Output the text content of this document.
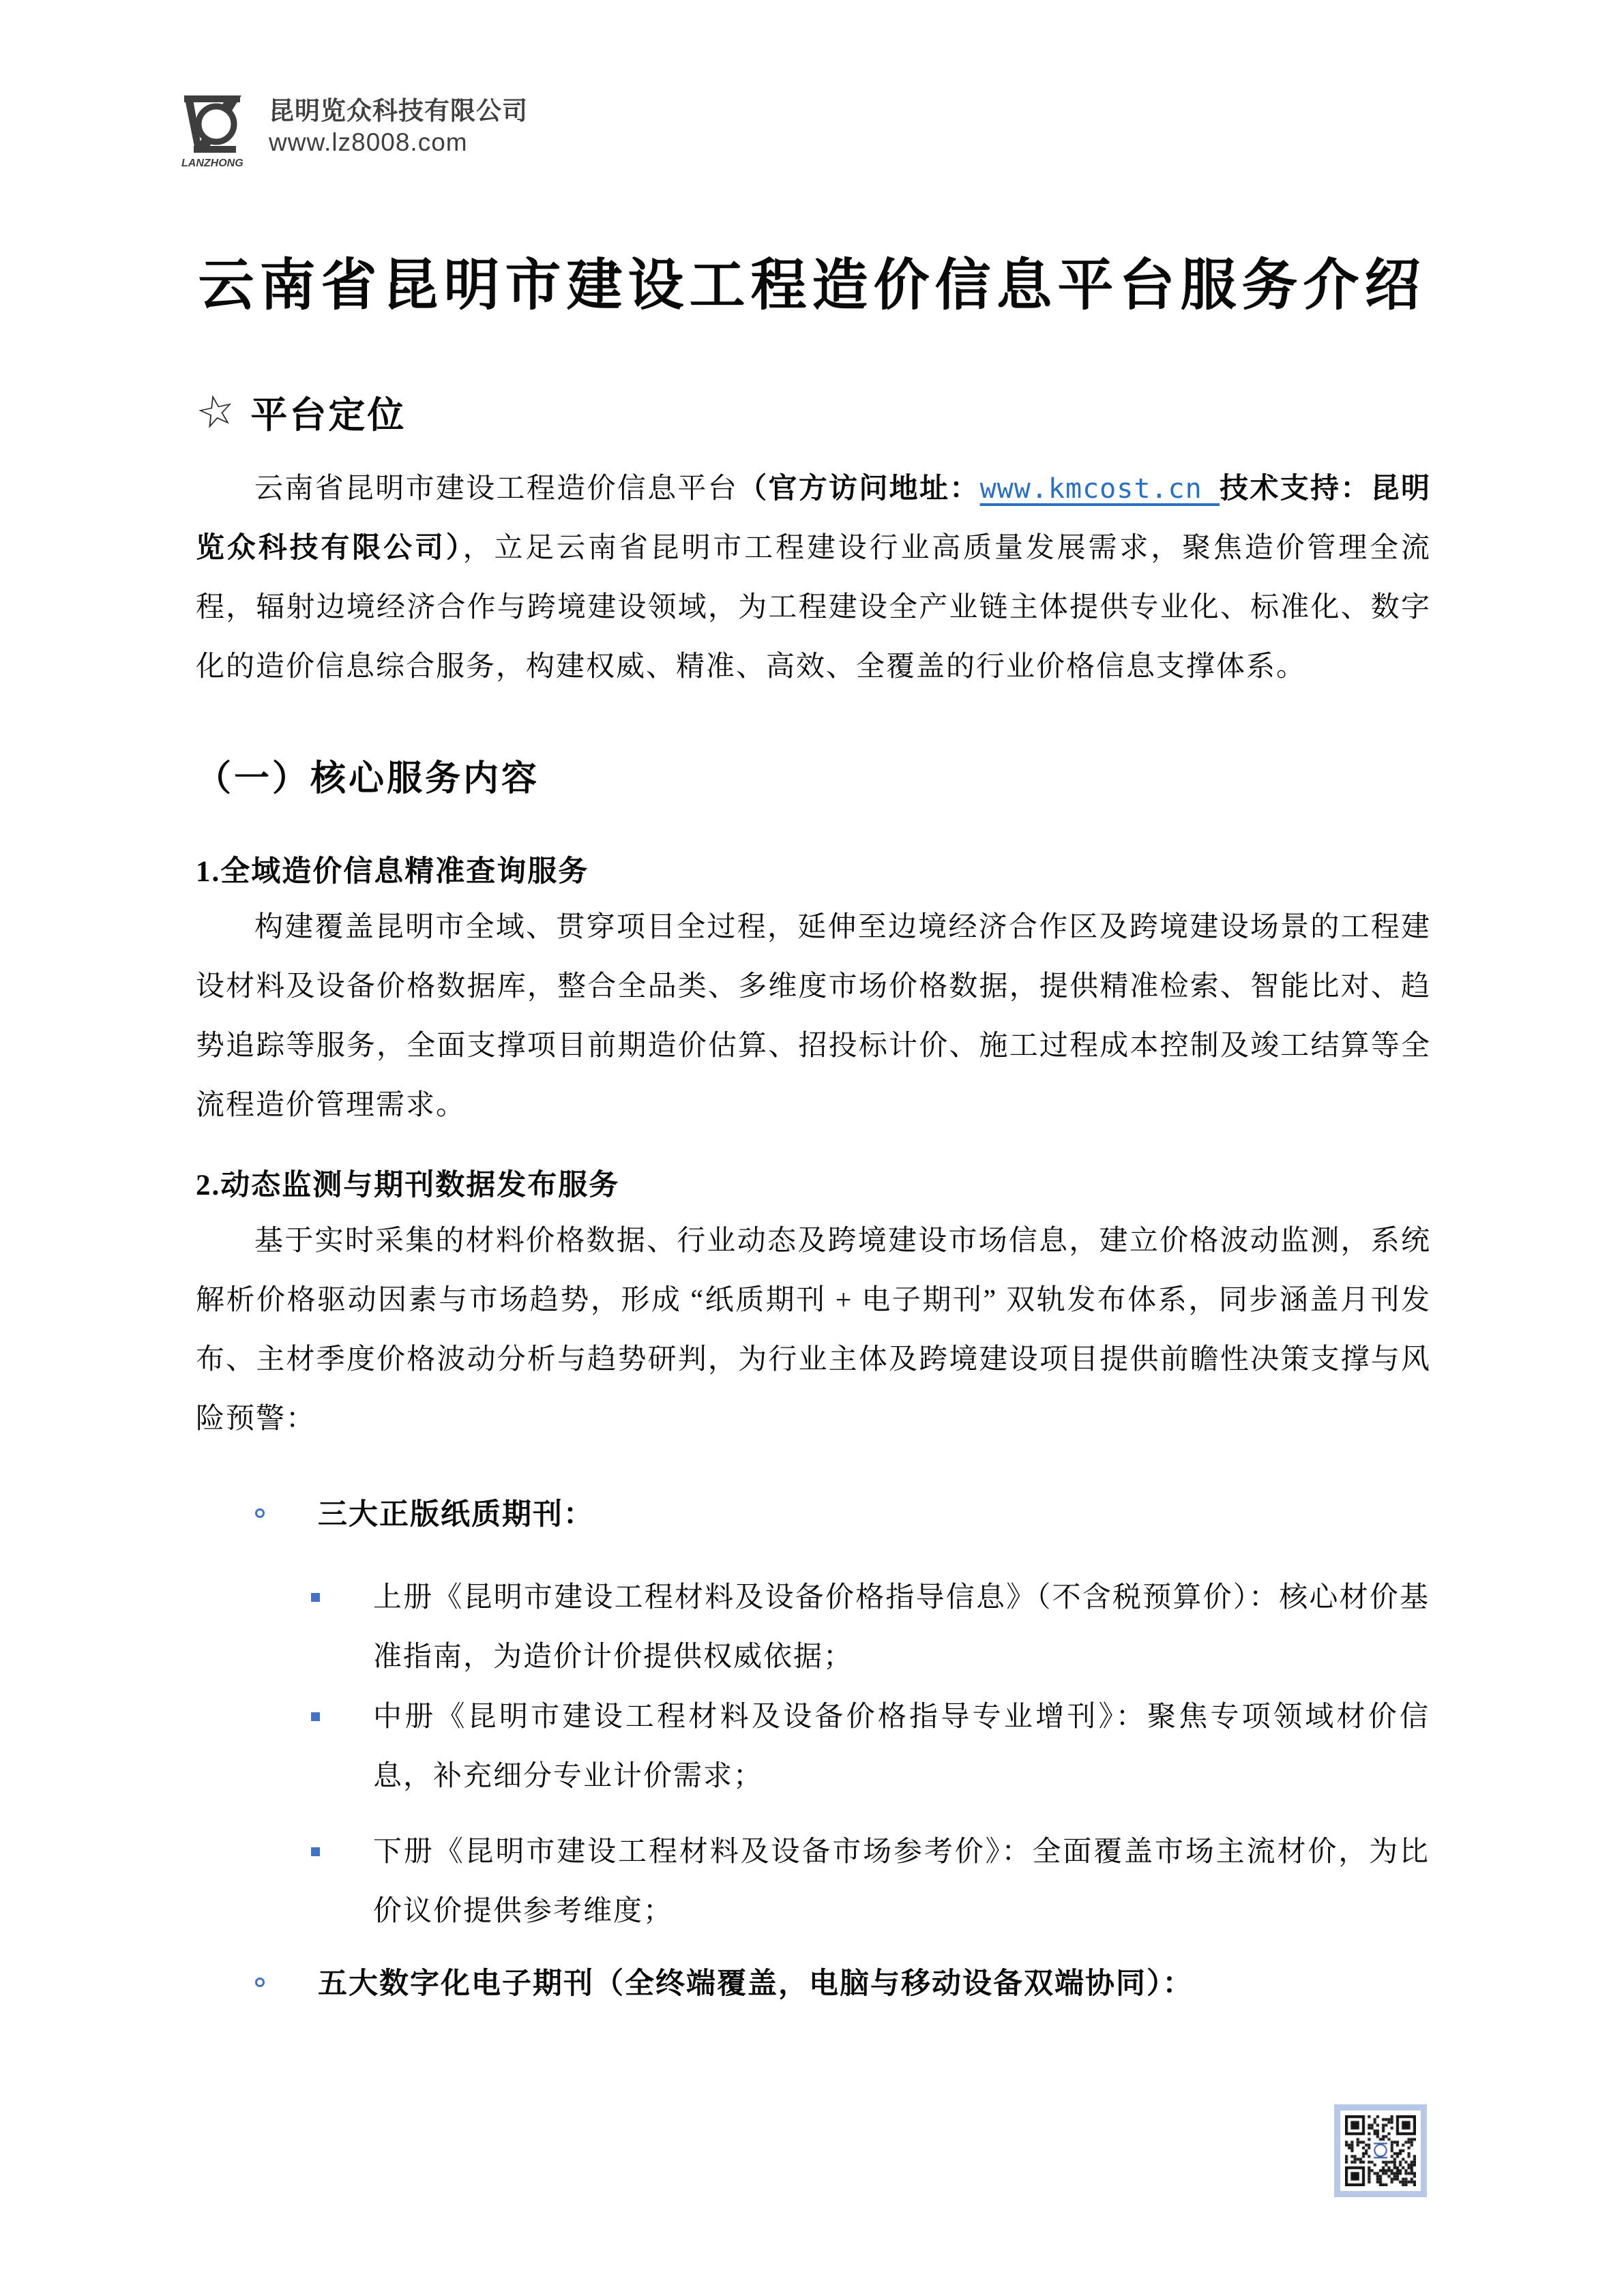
LANZHONG
昆明览众科技有限公司
www.lz8008.com
云南省昆明市建设工程造价信息平台服务介绍
☆ 平台定位

云南省昆明市建设工程造价信息平台（官方访问地址：www.kmcost.cn 技术支持：昆明览众科技有限公司），立足云南省昆明市工程建设行业高质量发展需求，聚焦造价管理全流程，辐射边境经济合作与跨境建设领域，为工程建设全产业链主体提供专业化、标准化、数字化的造价信息综合服务，构建权威、精准、高效、全覆盖的行业价格信息支撑体系。

（一）核心服务内容
1.全域造价信息精准查询服务

构建覆盖昆明市全域、贯穿项目全过程，延伸至边境经济合作区及跨境建设场景的工程建设材料及设备价格数据库，整合全品类、多维度市场价格数据，提供精准检索、智能比对、趋势追踪等服务，全面支撑项目前期造价估算、招投标计价、施工过程成本控制及竣工结算等全流程造价管理需求。

2.动态监测与期刊数据发布服务

基于实时采集的材料价格数据、行业动态及跨境建设市场信息，建立价格波动监测，系统解析价格驱动因素与市场趋势，形成 “纸质期刊 + 电子期刊” 双轨发布体系，同步涵盖月刊发布、主材季度价格波动分析与趋势研判，为行业主体及跨境建设项目提供前瞻性决策支撑与风险预警：

三大正版纸质期刊：
上册《昆明市建设工程材料及设备价格指导信息》（不含税预算价）：核心材价基准指南，为造价计价提供权威依据；
中册《昆明市建设工程材料及设备价格指导专业增刊》：聚焦专项领域材价信息，补充细分专业计价需求；
下册《昆明市建设工程材料及设备市场参考价》：全面覆盖市场主流材价，为比价议价提供参考维度；
五大数字化电子期刊（全终端覆盖，电脑与移动设备双端协同）：
